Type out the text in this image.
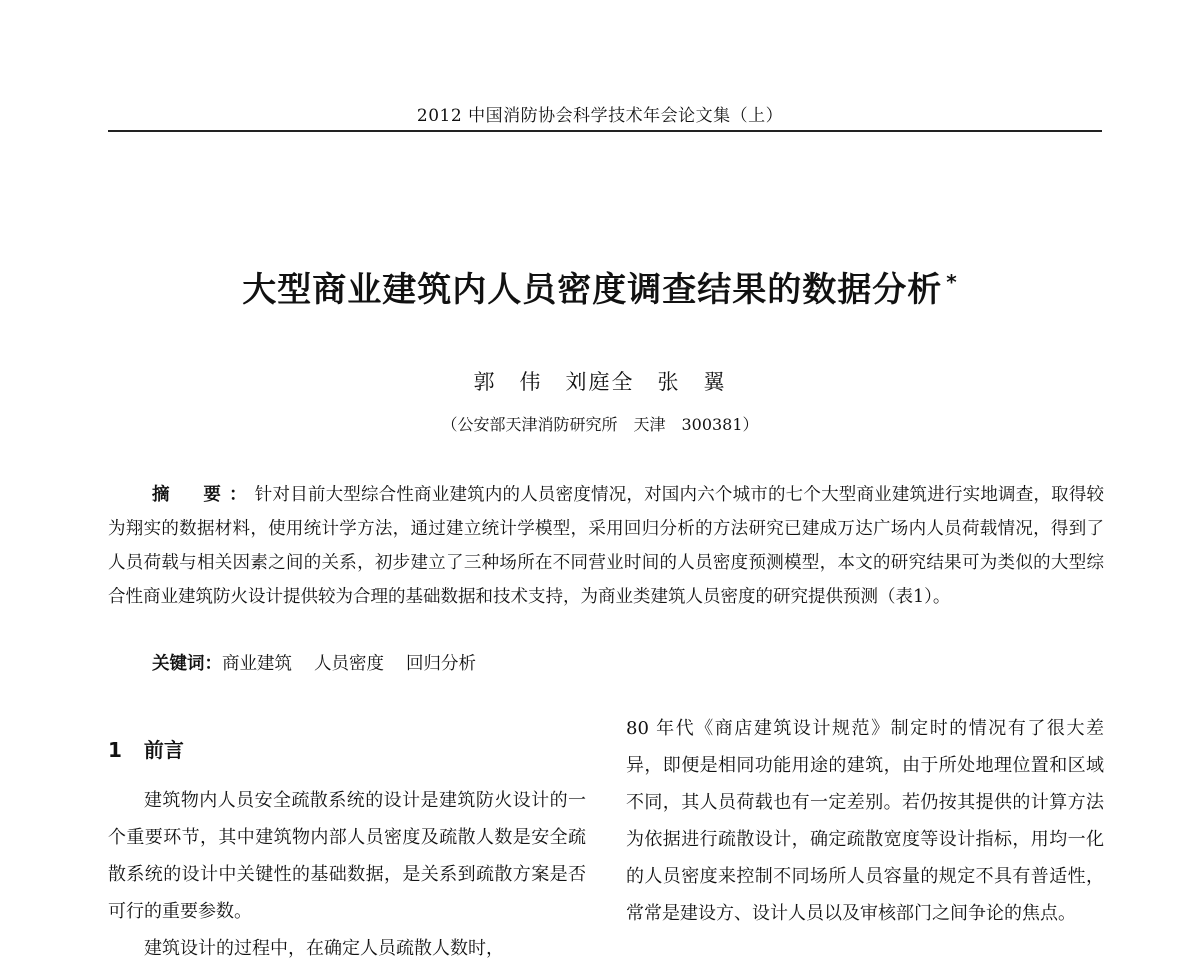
2012 中国消防协会科学技术年会论文集（上）
大型商业建筑内人员密度调查结果的数据分析 *
郭　伟　刘庭全　张　翼
（公安部天津消防研究所　天津　300381）

摘　要：针对目前大型综合性商业建筑内的人员密度情况，对国内六个城市的七个大型商业建筑进行实地调查，取得较为翔实的数据材料，使用统计学方法，通过建立统计学模型，采用回归分析的方法研究已建成万达广场内人员荷载情况，得到了人员荷载与相关因素之间的关系，初步建立了三种场所在不同营业时间的人员密度预测模型，本文的研究结果可为类似的大型综合性商业建筑防火设计提供较为合理的基础数据和技术支持，为商业类建筑人员密度的研究提供预测（表1）。

关键词：商业建筑 人员密度 回归分析
1 前言

建筑物内人员安全疏散系统的设计是建筑防火设计的一个重要环节，其中建筑物内部人员密度及疏散人数是安全疏散系统的设计中关键性的基础数据，是关系到疏散方案是否可行的重要参数。

建筑设计的过程中，在确定人员疏散人数时，

80 年代《商店建筑设计规范》制定时的情况有了很大差异，即便是相同功能用途的建筑，由于所处地理位置和区域不同，其人员荷载也有一定差别。若仍按其提供的计算方法为依据进行疏散设计，确定疏散宽度等设计指标，用均一化的人员密度来控制不同场所人员容量的规定不具有普适性，常常是建设方、设计人员以及审核部门之间争论的焦点。
